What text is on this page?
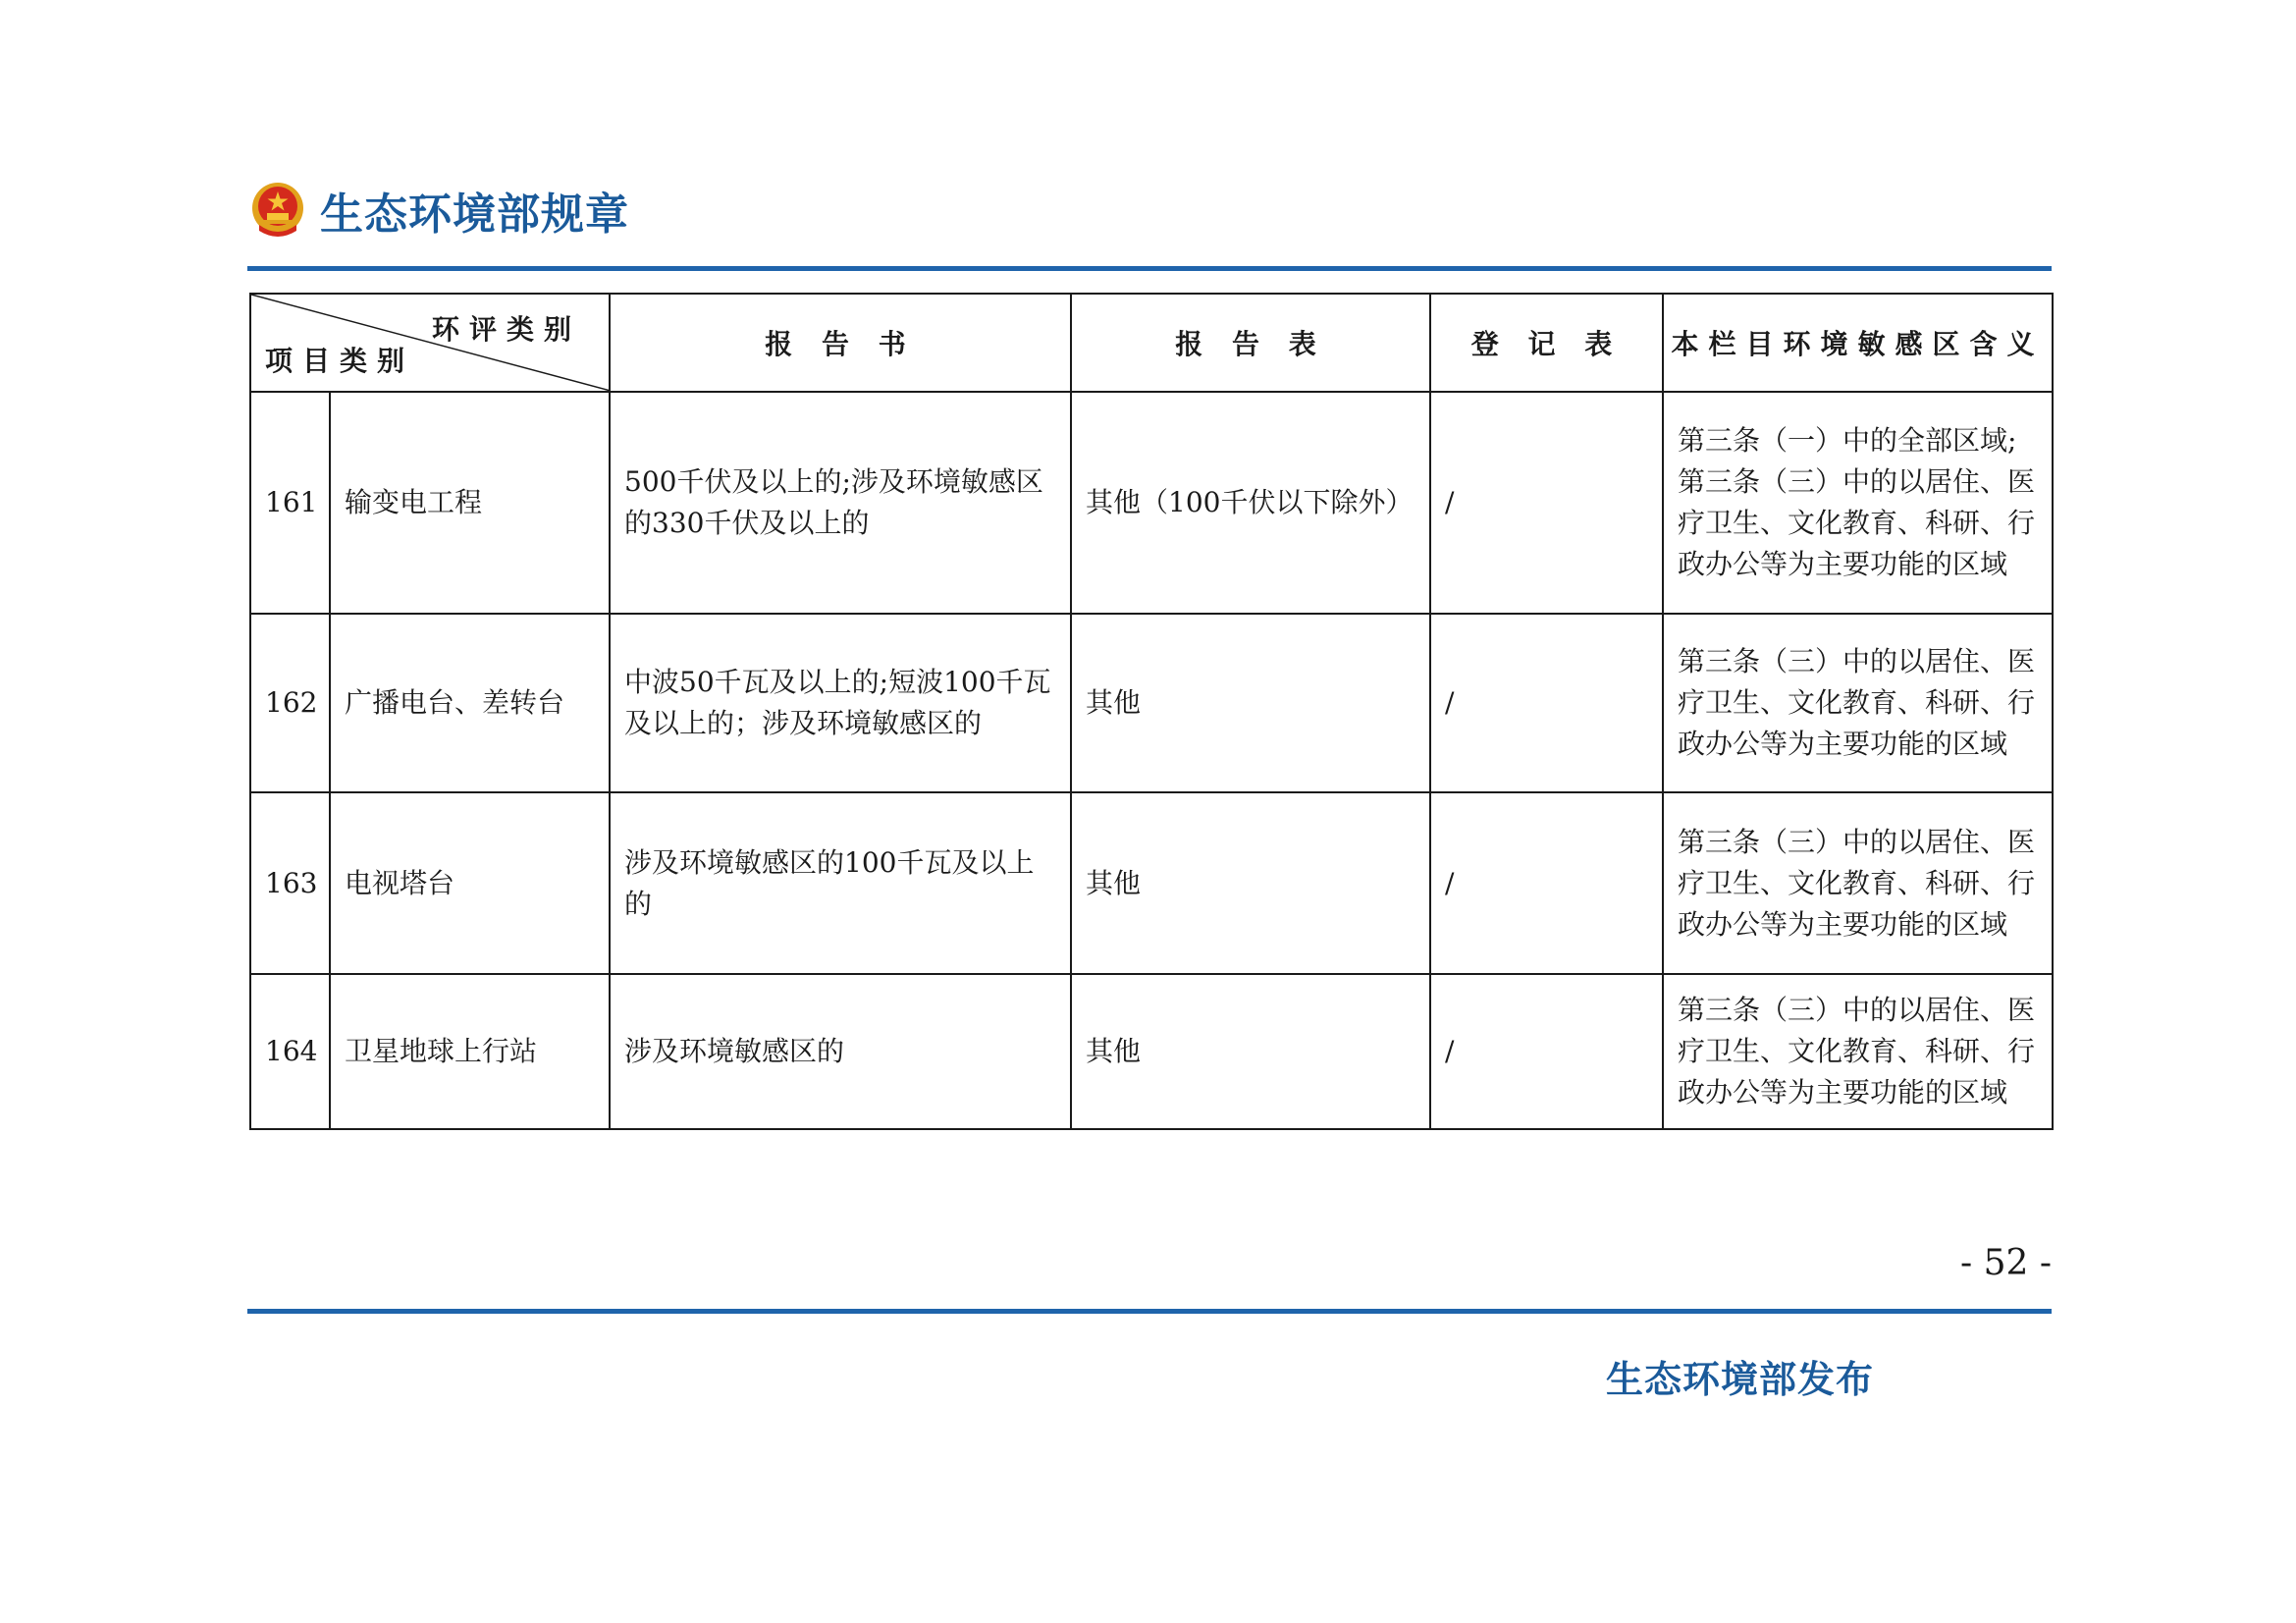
生态环境部规章
环评类别
项目类别		报 告 书	报 告 表	登 记 表	本栏目环境敏感区含义
161	输变电工程	500千伏及以上的;涉及环境敏感区的330千伏及以上的	其他（100千伏以下除外）	/	第三条（一）中的全部区域;第三条（三）中的以居住、医疗卫生、文化教育、科研、行政办公等为主要功能的区域
162	广播电台、差转台	中波50千瓦及以上的;短波100千瓦及以上的；涉及环境敏感区的	其他	/	第三条（三）中的以居住、医疗卫生、文化教育、科研、行政办公等为主要功能的区域
163	电视塔台	涉及环境敏感区的100千瓦及以上的	其他	/	第三条（三）中的以居住、医疗卫生、文化教育、科研、行政办公等为主要功能的区域
164	卫星地球上行站	涉及环境敏感区的	其他	/	第三条（三）中的以居住、医疗卫生、文化教育、科研、行政办公等为主要功能的区域
- 52 -
生态环境部发布
